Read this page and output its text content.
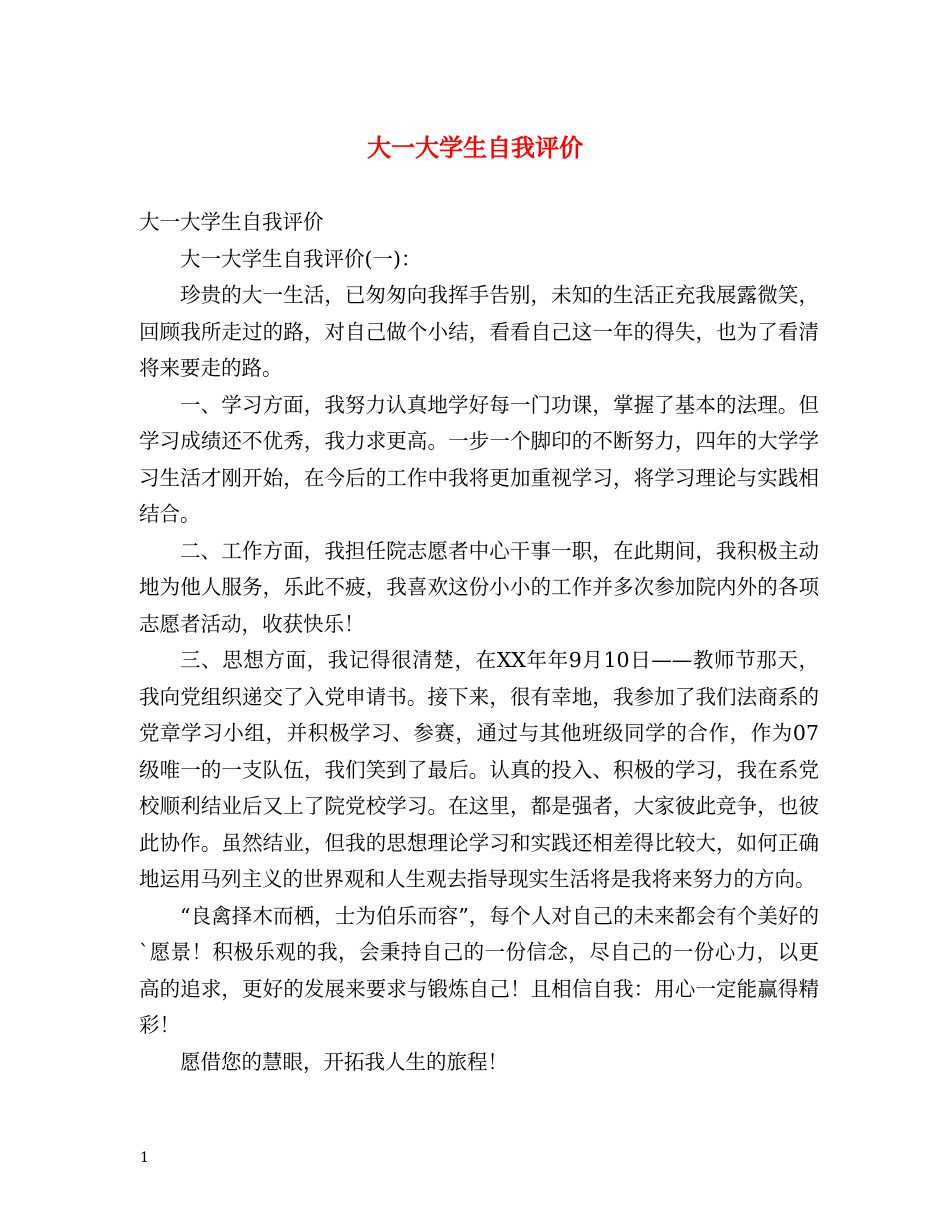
大一大学生自我评价

大一大学生自我评价

大一大学生自我评价(一)：

珍贵的大一生活，已匆匆向我挥手告别，未知的生活正充我展露微笑，回顾我所走过的路，对自己做个小结，看看自己这一年的得失，也为了看清将来要走的路。

一、学习方面，我努力认真地学好每一门功课，掌握了基本的法理。但学习成绩还不优秀，我力求更高。一步一个脚印的不断努力，四年的大学学习生活才刚开始，在今后的工作中我将更加重视学习，将学习理论与实践相结合。

二、工作方面，我担任院志愿者中心干事一职，在此期间，我积极主动地为他人服务，乐此不疲，我喜欢这份小小的工作并多次参加院内外的各项志愿者活动，收获快乐！

三、思想方面，我记得很清楚，在XX年年9月10日——教师节那天，我向党组织递交了入党申请书。接下来，很有幸地，我参加了我们法商系的党章学习小组，并积极学习、参赛，通过与其他班级同学的合作，作为07级唯一的一支队伍，我们笑到了最后。认真的投入、积极的学习，我在系党校顺利结业后又上了院党校学习。在这里，都是强者，大家彼此竞争，也彼此协作。虽然结业，但我的思想理论学习和实践还相差得比较大，如何正确地运用马列主义的世界观和人生观去指导现实生活将是我将来努力的方向。

“良禽择木而栖，士为伯乐而容”，每个人对自己的未来都会有个美好的`愿景！积极乐观的我，会秉持自己的一份信念，尽自己的一份心力，以更高的追求，更好的发展来要求与锻炼自己！且相信自我：用心一定能赢得精彩！

愿借您的慧眼，开拓我人生的旅程！

1
